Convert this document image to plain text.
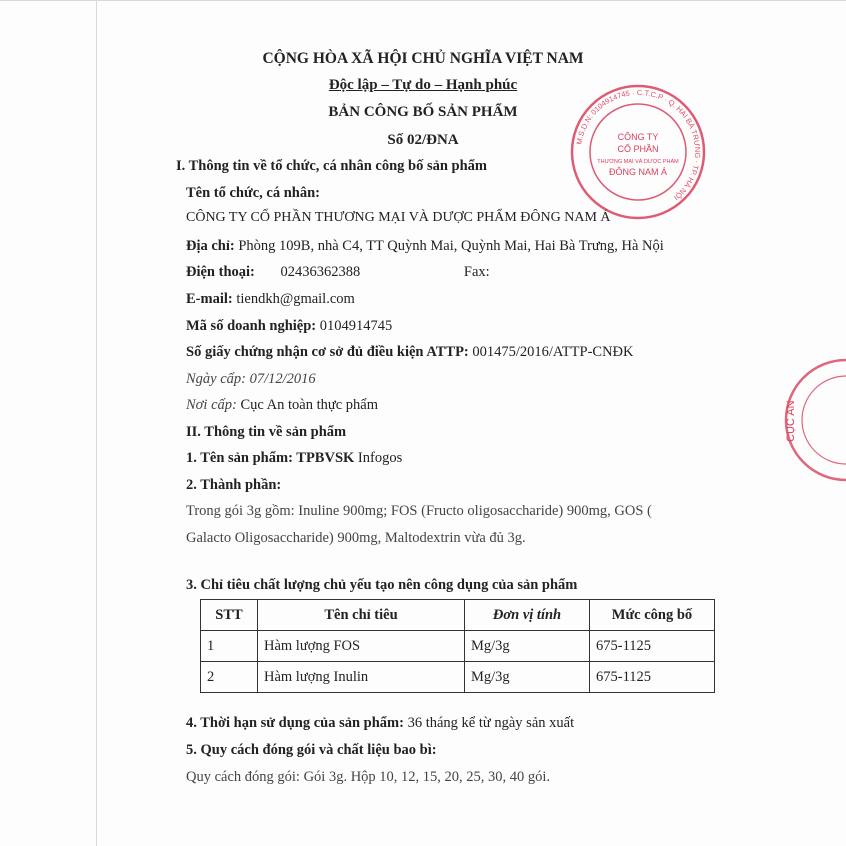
CỘNG HÒA XÃ HỘI CHỦ NGHĨA VIỆT NAM
Độc lập – Tự do – Hạnh phúc
BẢN CÔNG BỐ SẢN PHẨM
Số 02/ĐNA
I. Thông tin về tổ chức, cá nhân công bố sản phẩm
Tên tổ chức, cá nhân:
CÔNG TY CỔ PHẦN THƯƠNG MẠI VÀ DƯỢC PHẨM ĐÔNG NAM Á
Địa chỉ: Phòng 109B, nhà C4, TT Quỳnh Mai, Quỳnh Mai, Hai Bà Trưng, Hà Nội
Điện thoại: 02436362388	Fax:
E-mail: tiendkh@gmail.com
Mã số doanh nghiệp: 0104914745
Số giấy chứng nhận cơ sở đủ điều kiện ATTP: 001475/2016/ATTP-CNĐK
Ngày cấp: 07/12/2016
Nơi cấp: Cục An toàn thực phẩm
II. Thông tin về sản phẩm
1. Tên sản phẩm: TPBVSK Infogos
2. Thành phần:
Trong gói 3g gồm: Inuline 900mg; FOS (Fructo oligosaccharide) 900mg, GOS (
Galacto Oligosaccharide) 900mg, Maltodextrin vừa đủ 3g.
3. Chỉ tiêu chất lượng chủ yếu tạo nên công dụng của sản phẩm
STT	Tên chỉ tiêu	Đơn vị tính	Mức công bố
1	Hàm lượng FOS	Mg/3g	675-1125
2	Hàm lượng Inulin	Mg/3g	675-1125
4. Thời hạn sử dụng của sản phẩm: 36 tháng kể từ ngày sản xuất
5. Quy cách đóng gói và chất liệu bao bì:
Quy cách đóng gói: Gói 3g. Hộp 10, 12, 15, 20, 25, 30, 40 gói.
M.S.D.N: 0104914745 · C.T.C.P · Q. HAI BÀ TRƯNG · TP. HÀ NỘI
CÔNG TY
CỔ PHẦN
THƯƠNG MẠI VÀ DƯỢC PHẨM
ĐÔNG NAM Á
CỤC AN
